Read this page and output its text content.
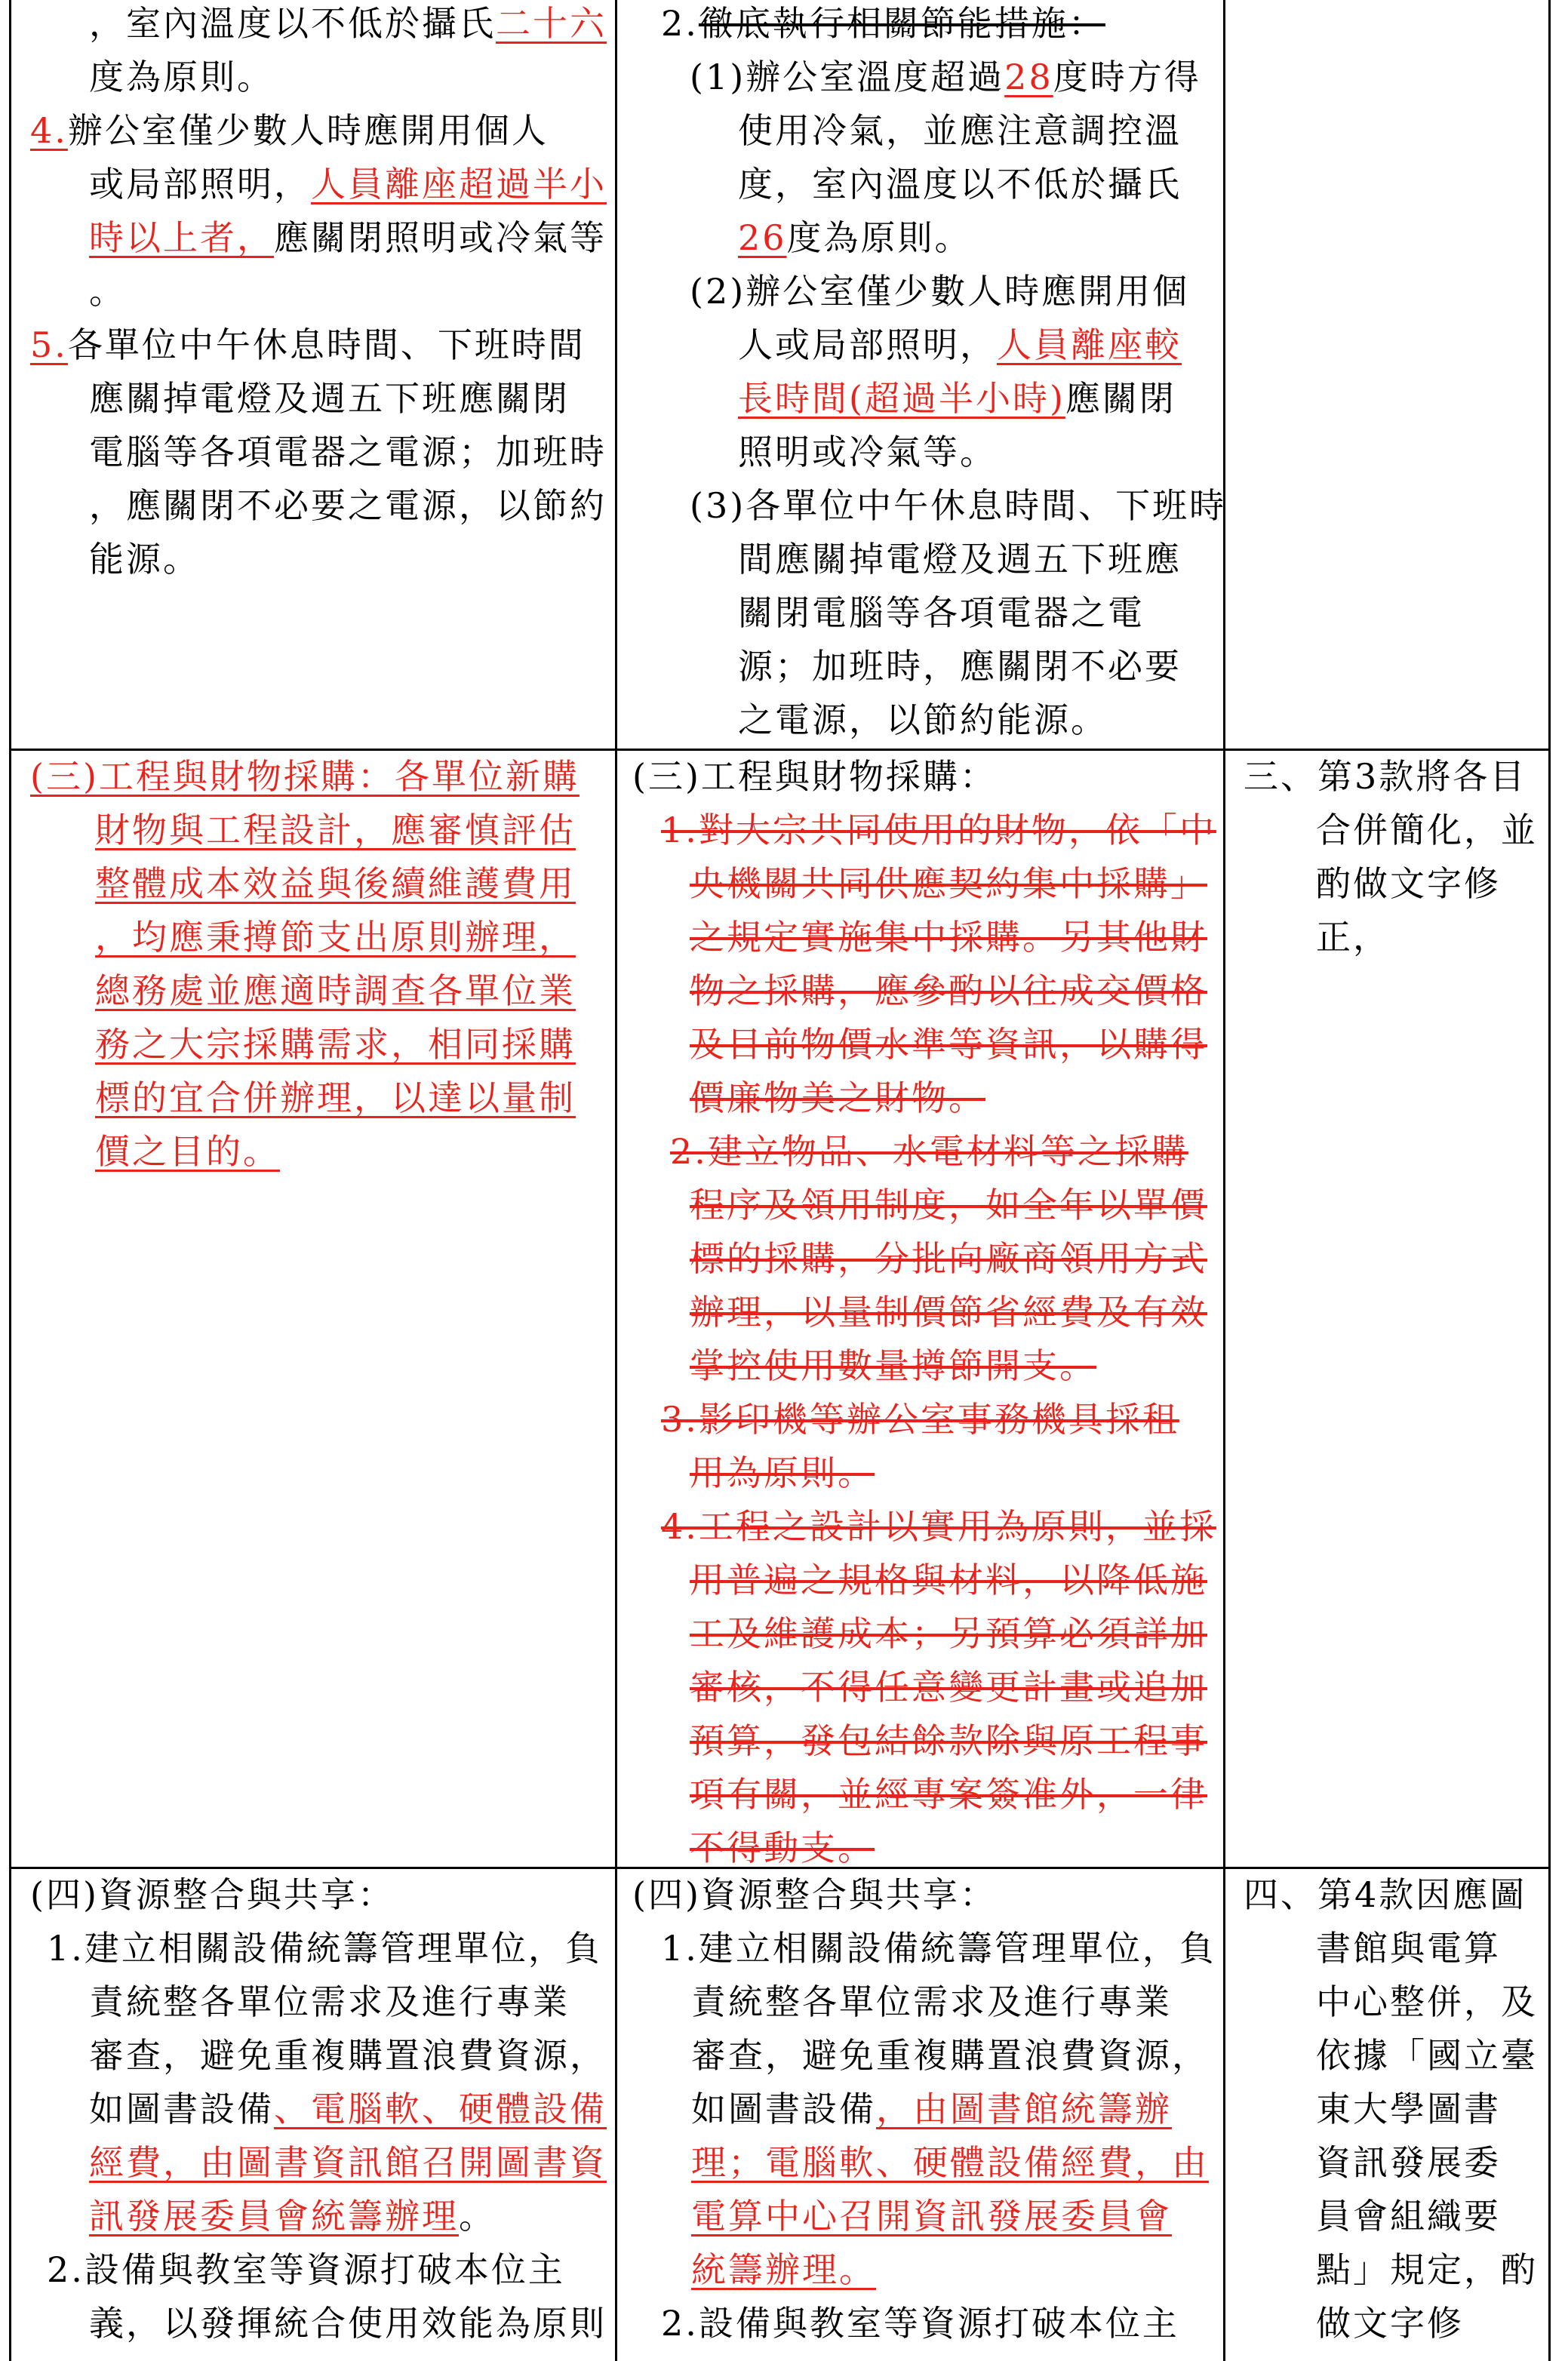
，室內溫度以不低於攝氏二十六
度為原則。
4.辦公室僅少數人時應開用個人
或局部照明，人員離座超過半小
時以上者，應關閉照明或冷氣等
。
5.各單位中午休息時間、下班時間
應關掉電燈及週五下班應關閉
電腦等各項電器之電源；加班時
，應關閉不必要之電源，以節約
能源。
(三)工程與財物採購：各單位新購
財物與工程設計，應審慎評估
整體成本效益與後續維護費用
，均應秉撙節支出原則辦理，
總務處並應適時調查各單位業
務之大宗採購需求，相同採購
標的宜合併辦理，以達以量制
價之目的。
(四)資源整合與共享：
1.建立相關設備統籌管理單位，負
責統整各單位需求及進行專業
審查，避免重複購置浪費資源，
如圖書設備、電腦軟、硬體設備
經費，由圖書資訊館召開圖書資
訊發展委員會統籌辦理。
2.設備與教室等資源打破本位主
義，以發揮統合使用效能為原則
2.徹底執行相關節能措施：
(1)辦公室溫度超過28度時方得
使用冷氣，並應注意調控溫
度，室內溫度以不低於攝氏
26度為原則。
(2)辦公室僅少數人時應開用個
人或局部照明，人員離座較
長時間(超過半小時)應關閉
照明或冷氣等。
(3)各單位中午休息時間、下班時
間應關掉電燈及週五下班應
關閉電腦等各項電器之電
源；加班時，應關閉不必要
之電源，以節約能源。
(三)工程與財物採購：
1.對大宗共同使用的財物，依「中
央機關共同供應契約集中採購」
之規定實施集中採購。另其他財
物之採購，應參酌以往成交價格
及目前物價水準等資訊，以購得
價廉物美之財物。
2.建立物品、水電材料等之採購
程序及領用制度，如全年以單價
標的採購，分批向廠商領用方式
辦理，以量制價節省經費及有效
掌控使用數量撙節開支。
3.影印機等辦公室事務機具採租
用為原則。
4.工程之設計以實用為原則，並採
用普遍之規格與材料，以降低施
工及維護成本；另預算必須詳加
審核，不得任意變更計畫或追加
預算，發包結餘款除與原工程事
項有關，並經專案簽准外，一律
不得動支。
(四)資源整合與共享：
1.建立相關設備統籌管理單位，負
責統整各單位需求及進行專業
審查，避免重複購置浪費資源，
如圖書設備，由圖書館統籌辦
理；電腦軟、硬體設備經費，由
電算中心召開資訊發展委員會
統籌辦理。
2.設備與教室等資源打破本位主
三、第3款將各目
合併簡化，並
酌做文字修
正，
四、第4款因應圖
書館與電算
中心整併，及
依據「國立臺
東大學圖書
資訊發展委
員會組織要
點」規定，酌
做文字修
